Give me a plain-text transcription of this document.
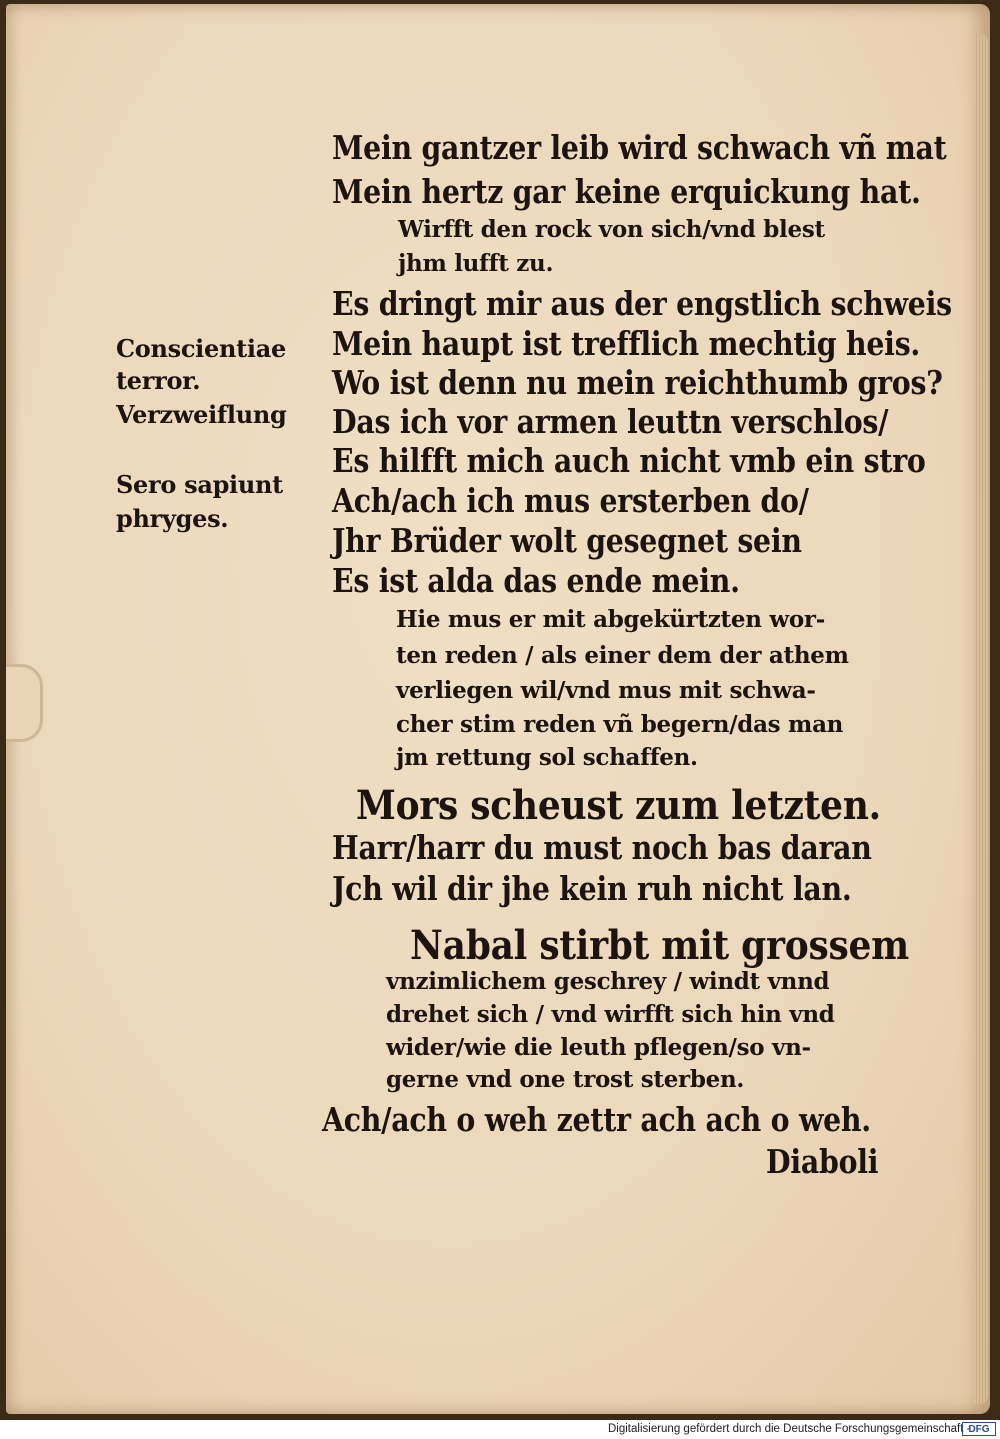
Mein gantzer leib wird schwach vñ mat
Mein hertz gar keine erquickung hat.
Wirfft den rock von sich/vnd blest
jhm lufft zu.
Es dringt mir aus der engstlich schweis
Mein haupt ist trefflich mechtig heis.
Wo ist denn nu mein reichthumb gros?
Das ich vor armen leuttn verschlos/
Es hilfft mich auch nicht vmb ein stro
Ach/ach ich mus ersterben do/
Jhr Brüder wolt gesegnet sein
Es ist alda das ende mein.
Conscientiae
terror.
Verzweiflung
Sero sapiunt
phryges.
Hie mus er mit abgekürtzten wor-
ten reden / als einer dem der athem
verliegen wil/vnd mus mit schwa-
cher stim reden vñ begern/das man
jm rettung sol schaffen.
Mors scheust zum letzten.
Harr/harr du must noch bas daran
Jch wil dir jhe kein ruh nicht lan.
Nabal stirbt mit grossem
vnzimlichem geschrey / windt vnnd
drehet sich / vnd wirfft sich hin vnd
wider/wie die leuth pflegen/so vn-
gerne vnd one trost sterben.
Ach/ach o weh zettr ach ach o weh.
Diaboli
Digitalisierung gefördert durch die Deutsche Forschungsgemeinschaft -
DFG
